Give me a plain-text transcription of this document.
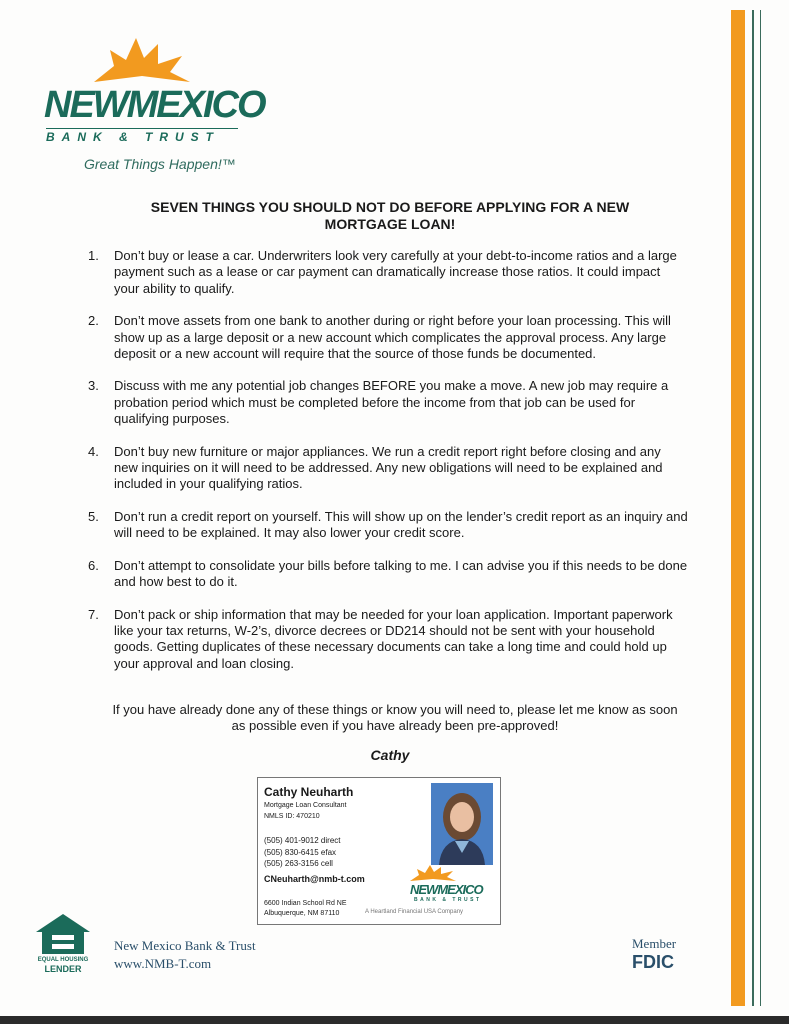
NEWMEXICO
BANK & TRUST
Great Things Happen!™
SEVEN THINGS YOU SHOULD NOT DO BEFORE APPLYING FOR A NEW MORTGAGE LOAN!
1.	Don’t buy or lease a car. Underwriters look very carefully at your debt-to-income ratios and a large payment such as a lease or car payment can dramatically increase those ratios. It could impact your ability to qualify.
2.	Don’t move assets from one bank to another during or right before your loan processing. This will show up as a large deposit or a new account which complicates the approval process. Any large deposit or a new account will require that the source of those funds be documented.
3.	Discuss with me any potential job changes BEFORE you make a move. A new job may require a probation period which must be completed before the income from that job can be used for qualifying purposes.
4.	Don’t buy new furniture or major appliances. We run a credit report right before closing and any new inquiries on it will need to be addressed. Any new obligations will need to be explained and included in your qualifying ratios.
5.	Don’t run a credit report on yourself. This will show up on the lender’s credit report as an inquiry and will need to be explained. It may also lower your credit score.
6.	Don’t attempt to consolidate your bills before talking to me. I can advise you if this needs to be done and how best to do it.
7.	Don’t pack or ship information that may be needed for your loan application. Important paperwork like your tax returns, W-2’s, divorce decrees or DD214 should not be sent with your household goods. Getting duplicates of these necessary documents can take a long time and could hold up your approval and loan closing.
If you have already done any of these things or know you will need to, please let me know as soon as possible even if you have already been pre-approved!
Cathy
Cathy Neuharth
Mortgage Loan Consultant
NMLS ID: 470210
(505) 401-9012 direct
(505) 830-6415 efax
(505) 263-3156 cell
CNeuharth@nmb-t.com
6600 Indian School Rd NE
Albuquerque, NM 87110	A Heartland Financial USA Company
NEWMEXICO
BANK & TRUST
EQUAL HOUSING
LENDER
New Mexico Bank & Trust
www.NMB-T.com
Member
FDIC
